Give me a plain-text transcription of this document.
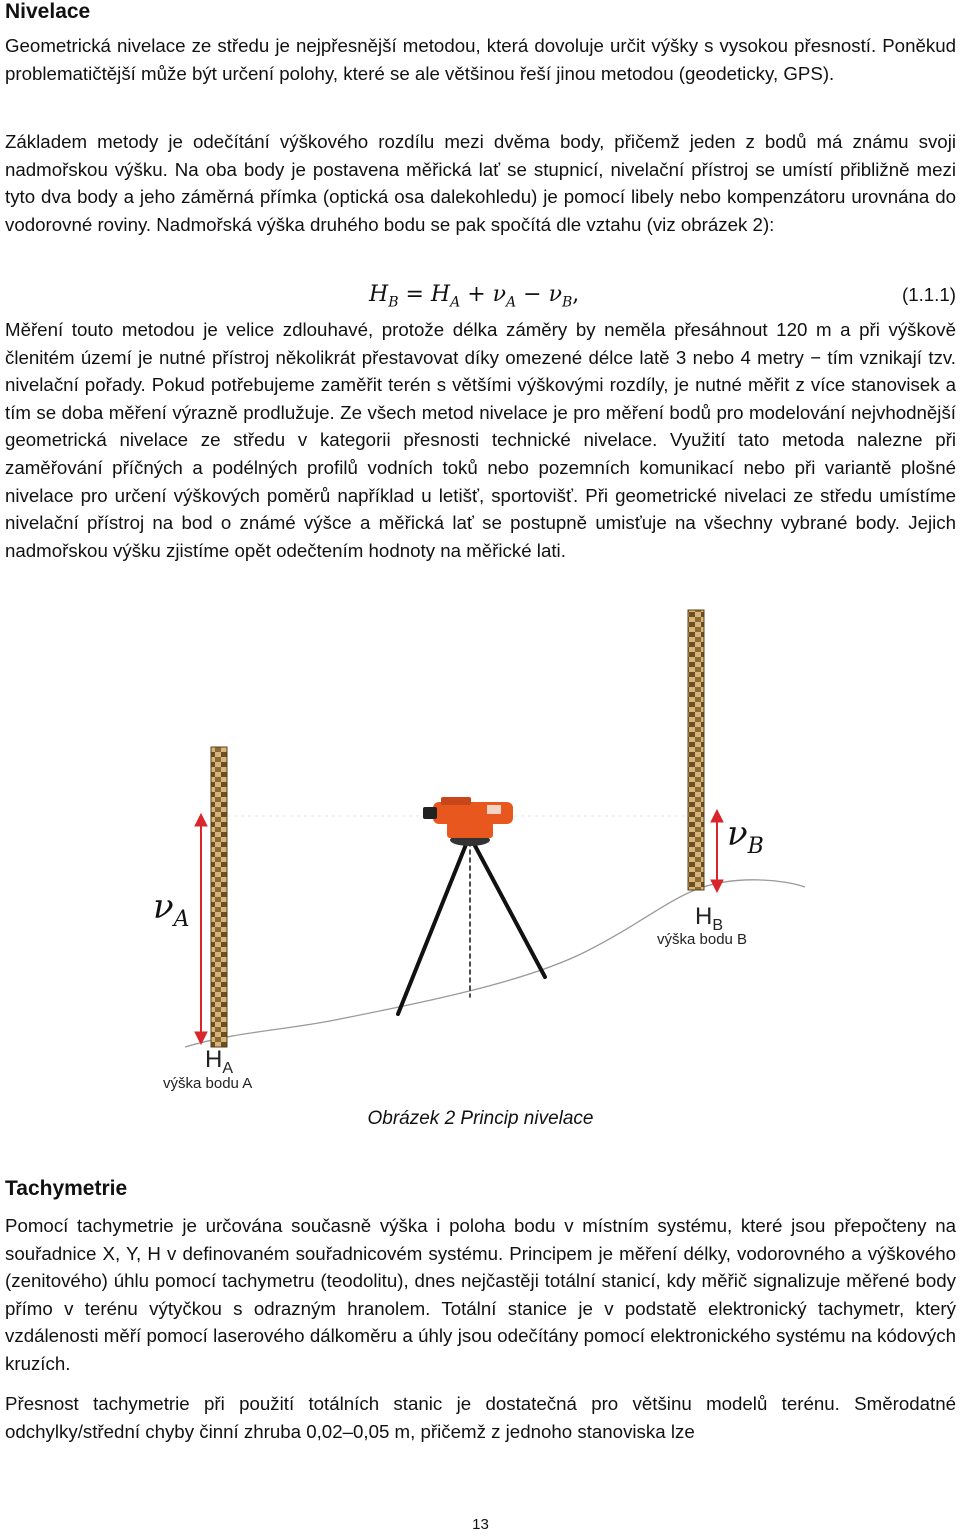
Nivelace

Geometrická nivelace ze středu je nejpřesnější metodou, která dovoluje určit výšky s vysokou přesností. Poněkud problematičtější může být určení polohy, které se ale většinou řeší jinou metodou (geodeticky, GPS).

Základem metody je odečítání výškového rozdílu mezi dvěma body, přičemž jeden z bodů má známu svoji nadmořskou výšku. Na oba body je postavena měřická lať se stupnicí, nivelační přístroj se umístí přibližně mezi tyto dva body a jeho záměrná přímka (optická osa dalekohledu) je pomocí libely nebo kompenzátoru urovnána do vodorovné roviny. Nadmořská výška druhého bodu se pak spočítá dle vztahu (viz obrázek 2):

$H_B = H_A + \nu_A - \nu_B$,	(1.1.1)

Měření touto metodou je velice zdlouhavé, protože délka záměry by neměla přesáhnout 120 m a při výškově členitém území je nutné přístroj několikrát přestavovat díky omezené délce latě 3 nebo 4 metry − tím vznikají tzv. nivelační pořady. Pokud potřebujeme zaměřit terén s většími výškovými rozdíly, je nutné měřit z více stanovisek a tím se doba měření výrazně prodlužuje. Ze všech metod nivelace je pro měření bodů pro modelování nejvhodnější geometrická nivelace ze středu v kategorii přesnosti technické nivelace. Využití tato metoda nalezne při zaměřování příčných a podélných profilů vodních toků nebo pozemních komunikací nebo při variantě plošné nivelace pro určení výškových poměrů například u letišť, sportovišť. Při geometrické nivelaci ze středu umístíme nivelační přístroj na bod o známé výšce a měřická lať se postupně umisťuje na všechny vybrané body. Jejich nadmořskou výšku zjistíme opět odečtením hodnoty na měřické lati.

$\nu_A$
$\nu_B$
$H_A$
výška bodu A
$H_B$
výška bodu B
Obrázek 2 Princip nivelace
Tachymetrie

Pomocí tachymetrie je určována současně výška i poloha bodu v místním systému, které jsou přepočteny na souřadnice X, Y, H v definovaném souřadnicovém systému. Principem je měření délky, vodorovného a výškového (zenitového) úhlu pomocí tachymetru (teodolitu), dnes nejčastěji totální stanicí, kdy měřič signalizuje měřené body přímo v terénu výtyčkou s odrazným hranolem. Totální stanice je v podstatě elektronický tachymetr, který vzdálenosti měří pomocí laserového dálkoměru a úhly jsou odečítány pomocí elektronického systému na kódových kruzích.

Přesnost tachymetrie při použití totálních stanic je dostatečná pro většinu modelů terénu. Směrodatné odchylky/střední chyby činní zhruba 0,02–0,05 m, přičemž z jednoho stanoviska lze

13
